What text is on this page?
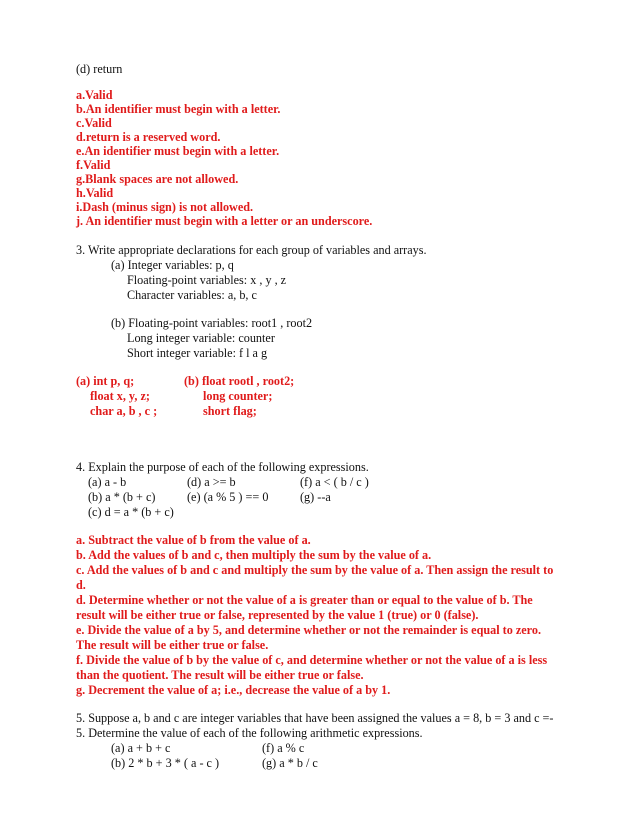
(d) return
a.Valid
b.An identifier must begin with a letter.
c.Valid
d.return is a reserved word.
e.An identifier must begin with a letter.
f.Valid
g.Blank spaces are not allowed.
h.Valid
i.Dash (minus sign) is not allowed.
j. An identifier must begin with a letter or an underscore.
3. Write appropriate declarations for each group of variables and arrays.
(a) Integer variables: p, q
Floating-point variables: x , y , z
Character variables: a, b, c
(b) Floating-point variables: root1 , root2
Long integer variable: counter
Short integer variable: f l a g
(a) int p, q;	(b) float rootl , root2;
float x, y, z;	long counter;
char a, b , c ;	short flag;
4. Explain the purpose of each of the following expressions.
(a) a - b	(d) a >= b	(f) a < ( b / c )
(b) a * (b + c)	(e) (a % 5 ) == 0	(g) --a
(c) d = a * (b + c)
a. Subtract the value of b from the value of a.
b. Add the values of b and c, then multiply the sum by the value of a.
c. Add the values of b and c and multiply the sum by the value of a. Then assign the result to
d.
d. Determine whether or not the value of a is greater than or equal to the value of b. The
result will be either true or false, represented by the value 1 (true) or 0 (false).
e. Divide the value of a by 5, and determine whether or not the remainder is equal to zero.
The result will be either true or false.
f. Divide the value of b by the value of c, and determine whether or not the value of a is less
than the quotient. The result will be either true or false.
g. Decrement the value of a; i.e., decrease the value of a by 1.
5. Suppose a, b and c are integer variables that have been assigned the values a = 8, b = 3 and c =-
5. Determine the value of each of the following arithmetic expressions.
(a) a + b + c	(f) a % c
(b) 2 * b + 3 * ( a - c )	(g) a * b / c
